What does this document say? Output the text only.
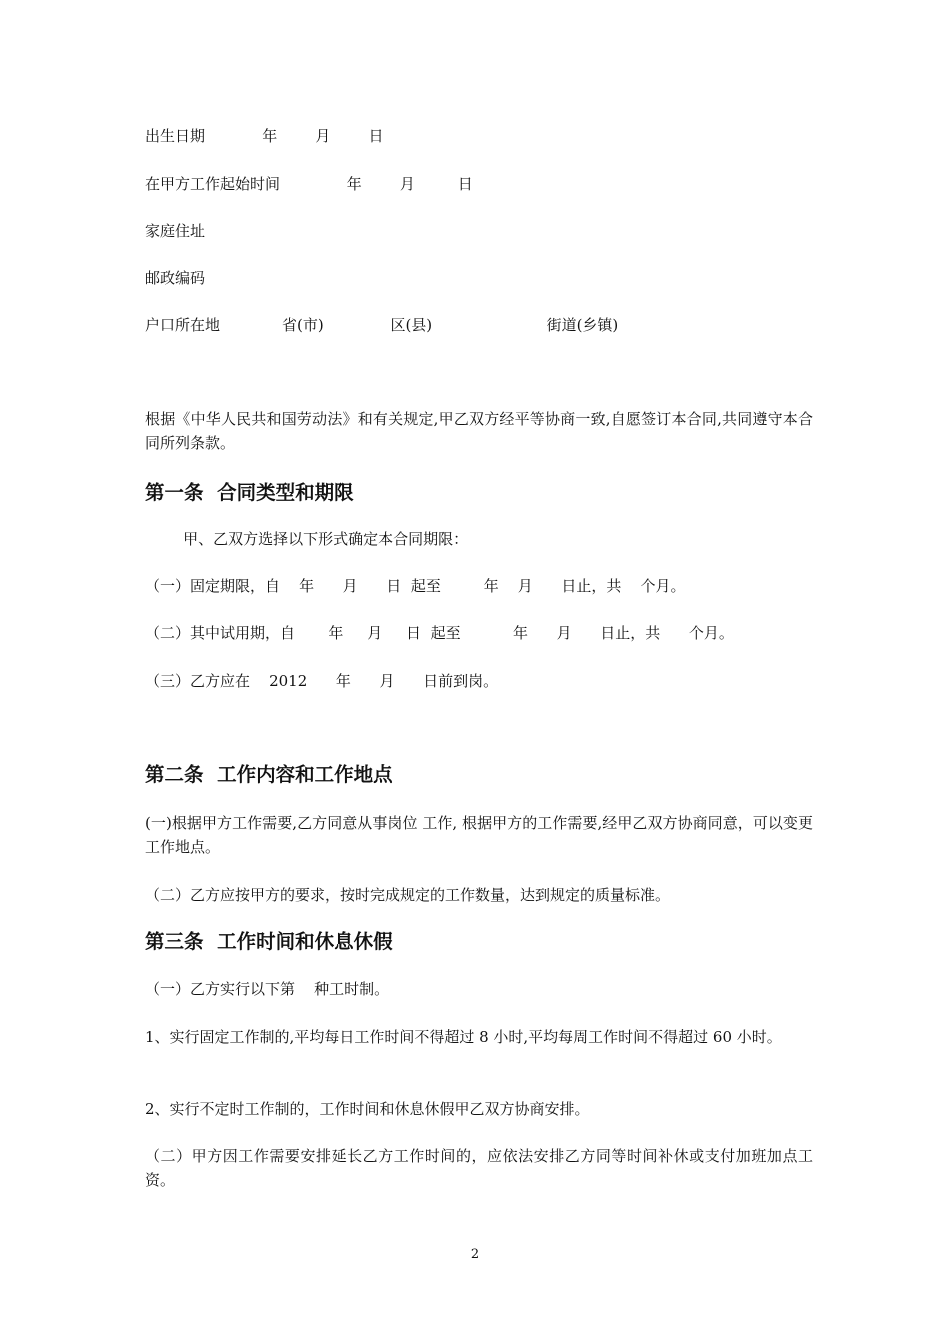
出生日期            年        月        日

在甲方工作起始时间              年        月         日

家庭住址

邮政编码

户口所在地             省(市)              区(县)                        街道(乡镇)

根据《中华人民共和国劳动法》和有关规定,甲乙双方经平等协商一致,自愿签订本合同,共同遵守本合同所列条款。

第一条  合同类型和期限

甲、乙双方选择以下形式确定本合同期限：

（一）固定期限，自    年      月      日  起至         年    月      日止，共    个月。

（二）其中试用期，自       年     月     日  起至           年      月      日止，共      个月。

（三）乙方应在    2012      年      月      日前到岗。

第二条  工作内容和工作地点

(一)根据甲方工作需要,乙方同意从事岗位 工作, 根据甲方的工作需要,经甲乙双方协商同意，可以变更工作地点。

（二）乙方应按甲方的要求，按时完成规定的工作数量，达到规定的质量标准。

第三条  工作时间和休息休假

（一）乙方实行以下第    种工时制。

1、实行固定工作制的,平均每日工作时间不得超过 8 小时,平均每周工作时间不得超过 60 小时。

2、实行不定时工作制的，工作时间和休息休假甲乙双方协商安排。

（二）甲方因工作需要安排延长乙方工作时间的，应依法安排乙方同等时间补休或支付加班加点工资。

2
